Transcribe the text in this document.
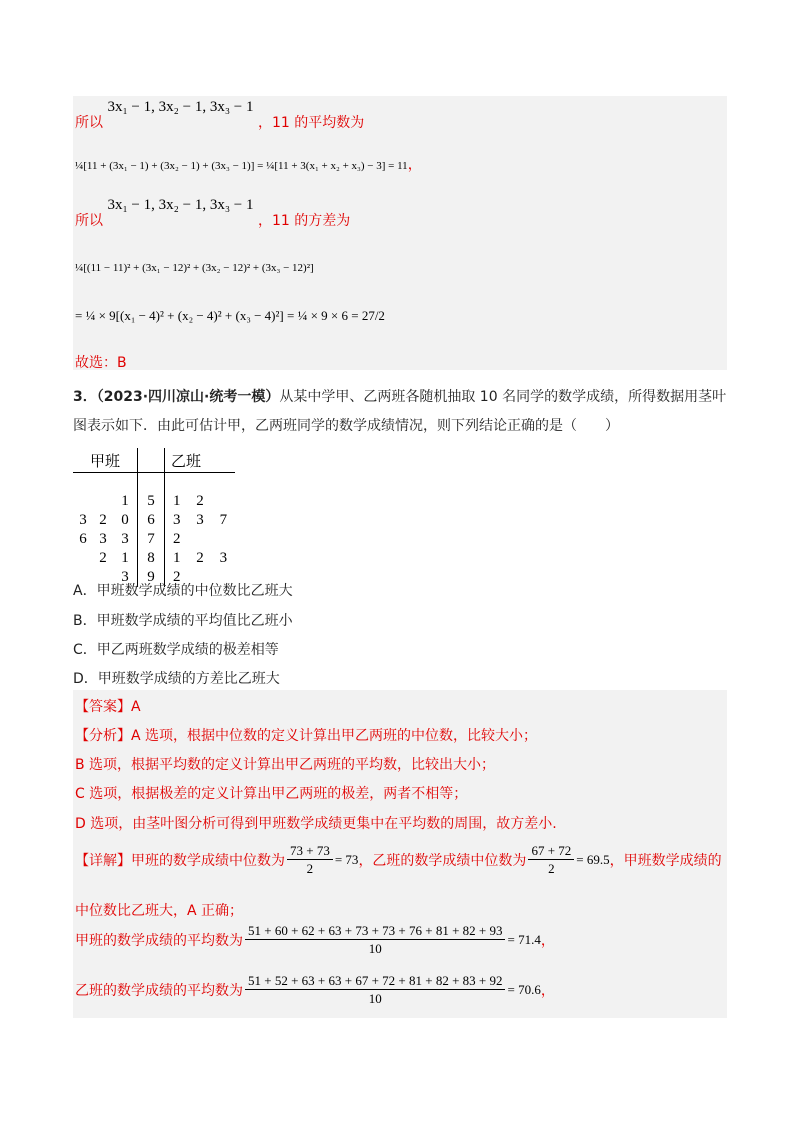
所以 3x₁ − 1, 3x₂ − 1, 3x₃ − 1 ，11 的平均数为
¼[11 + (3x₁ − 1) + (3x₂ − 1) + (3x₃ − 1)] = ¼[11 + 3(x₁ + x₂ + x₃) − 3] = 11，
所以 3x₁ − 1, 3x₂ − 1, 3x₃ − 1 ，11 的方差为
¼[(11 − 11)² + (3x₁ − 12)² + (3x₂ − 12)² + (3x₃ − 12)²]
= ¼ × 9[(x₁ − 4)² + (x₂ − 4)² + (x₃ − 4)²] = ¼ × 9 × 6 = 27/2
故选：B
3．（2023·四川凉山·统考一模）从某中学甲、乙两班各随机抽取 10 名同学的数学成绩，所得数据用茎叶
图表示如下．由此可估计甲，乙两班同学的数学成绩情况，则下列结论正确的是（　　）
甲班				乙班		

		1	5	1	2	
3	2	0	6	3	3	7
6	3	3	7	2		
	2	1	8	1	2	3
		3	9	2		
A．甲班数学成绩的中位数比乙班大
B．甲班数学成绩的平均值比乙班小
C．甲乙两班数学成绩的极差相等
D．甲班数学成绩的方差比乙班大
【答案】A
【分析】A 选项，根据中位数的定义计算出甲乙两班的中位数，比较大小；
B 选项，根据平均数的定义计算出甲乙两班的平均数，比较出大小；
C 选项，根据极差的定义计算出甲乙两班的极差，两者不相等；
D 选项，由茎叶图分析可得到甲班数学成绩更集中在平均数的周围，故方差小.
【详解】甲班的数学成绩中位数为 $\frac{73 + 73}{2} = 73$ ，乙班的数学成绩中位数为 $\frac{67 + 72}{2} = 69.5$ ，甲班数学成绩的
中位数比乙班大，A 正确；
甲班的数学成绩的平均数为 $\frac{51 + 60 + 62 + 63 + 73 + 73 + 76 + 81 + 82 + 93}{10} = 71.4$ ，
乙班的数学成绩的平均数为 $\frac{51 + 52 + 63 + 63 + 67 + 72 + 81 + 82 + 83 + 92}{10} = 70.6$ ，
